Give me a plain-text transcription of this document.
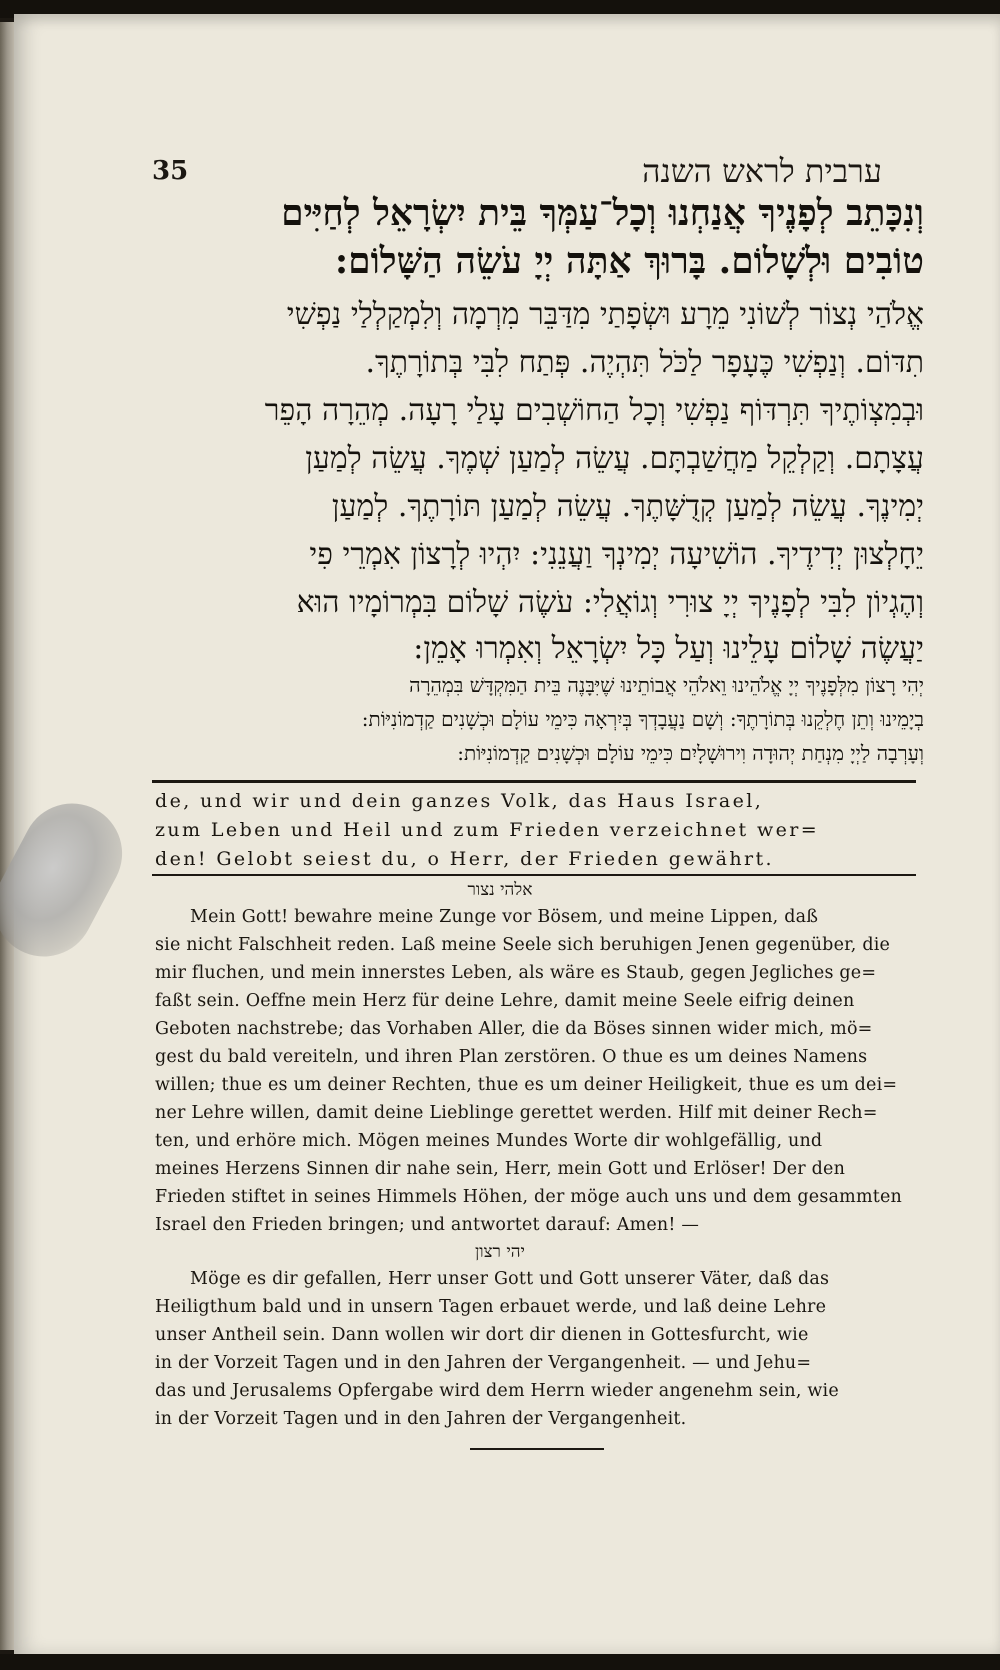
35	ערבית לראש השנה
וְנִכָּתֵב לְפָנֶיךָ אֲנַחְנוּ וְכָל־עַמְּךָ בֵּית יִשְׂרָאֵל לְחַיִּים
טוֹבִים וּלְשָׁלוֹם. בָּרוּךְ אַתָּה יְיָ עֹשֵׂה הַשָּׁלוֹם:
אֱלֹהַי נְצוֹר לְשׁוֹנִי מֵרָע וּשְׂפָתַי מִדַּבֵּר מִרְמָה וְלִמְקַלְלַי נַפְשִׁי
תִדּוֹם. וְנַפְשִׁי כֶּעָפָר לַכֹּל תִּהְיֶה. פְּתַח לִבִּי בְּתוֹרָתֶךָ.
וּבְמִצְוֹתֶיךָ תִּרְדּוֹף נַפְשִׁי וְכָל הַחוֹשְׁבִים עָלַי רָעָה. מְהֵרָה הָפֵר
עֲצָתָם. וְקַלְקֵל מַחֲשַׁבְתָּם. עֲשֵׂה לְמַעַן שְׁמֶךָ. עֲשֵׂה לְמַעַן
יְמִינֶךָ. עֲשֵׂה לְמַעַן קְדֻשָּׁתֶךָ. עֲשֵׂה לְמַעַן תּוֹרָתֶךָ. לְמַעַן
יֵחָלְצוּן יְדִידֶיךָ. הוֹשִׁיעָה יְמִינְךָ וַעֲנֵנִי: יִהְיוּ לְרָצוֹן אִמְרֵי פִי
וְהֶגְיוֹן לִבִּי לְפָנֶיךָ יְיָ צוּרִי וְגוֹאֲלִי: עֹשֶׂה שָׁלוֹם בִּמְרוֹמָיו הוּא
יַעֲשֶׂה שָׁלוֹם עָלֵינוּ וְעַל כָּל יִשְׂרָאֵל וְאִמְרוּ אָמֵן:
יְהִי רָצוֹן מִלְּפָנֶיךָ יְיָ אֱלֹהֵינוּ וֵאלֹהֵי אֲבוֹתֵינוּ שֶׁיִּבָּנֶה בֵּית הַמִּקְדָּשׁ בִּמְהֵרָה
בְיָמֵינוּ וְתֵן חֶלְקֵנוּ בְּתוֹרָתֶךָ: וְשָׁם נַעֲבָדְךָ בְּיִרְאָה כִּימֵי עוֹלָם וּכְשָׁנִים קַדְמוֹנִיּוֹת:
וְעָרְבָה לַיְיָ מִנְחַת יְהוּדָה וִירוּשָׁלָיִם כִּימֵי עוֹלָם וּכְשָׁנִים קַדְמוֹנִיּוֹת:
de, und wir und dein ganzes Volk, das Haus Israel,
zum Leben und Heil und zum Frieden verzeichnet wer=
den! Gelobt seiest du, o Herr, der Frieden gewährt.
אלהי נצור
Mein Gott! bewahre meine Zunge vor Bösem, und meine Lippen, daß
sie nicht Falschheit reden. Laß meine Seele sich beruhigen Jenen gegenüber, die
mir fluchen, und mein innerstes Leben, als wäre es Staub, gegen Jegliches ge=
faßt sein. Oeffne mein Herz für deine Lehre, damit meine Seele eifrig deinen
Geboten nachstrebe; das Vorhaben Aller, die da Böses sinnen wider mich, mö=
gest du bald vereiteln, und ihren Plan zerstören. O thue es um deines Namens
willen; thue es um deiner Rechten, thue es um deiner Heiligkeit, thue es um dei=
ner Lehre willen, damit deine Lieblinge gerettet werden. Hilf mit deiner Rech=
ten, und erhöre mich. Mögen meines Mundes Worte dir wohlgefällig, und
meines Herzens Sinnen dir nahe sein, Herr, mein Gott und Erlöser! Der den
Frieden stiftet in seines Himmels Höhen, der möge auch uns und dem gesammten
Israel den Frieden bringen; und antwortet darauf: Amen! —
יהי רצון
Möge es dir gefallen, Herr unser Gott und Gott unserer Väter, daß das
Heiligthum bald und in unsern Tagen erbauet werde, und laß deine Lehre
unser Antheil sein. Dann wollen wir dort dir dienen in Gottesfurcht, wie
in der Vorzeit Tagen und in den Jahren der Vergangenheit. — und Jehu=
das und Jerusalems Opfergabe wird dem Herrn wieder angenehm sein, wie
in der Vorzeit Tagen und in den Jahren der Vergangenheit.
